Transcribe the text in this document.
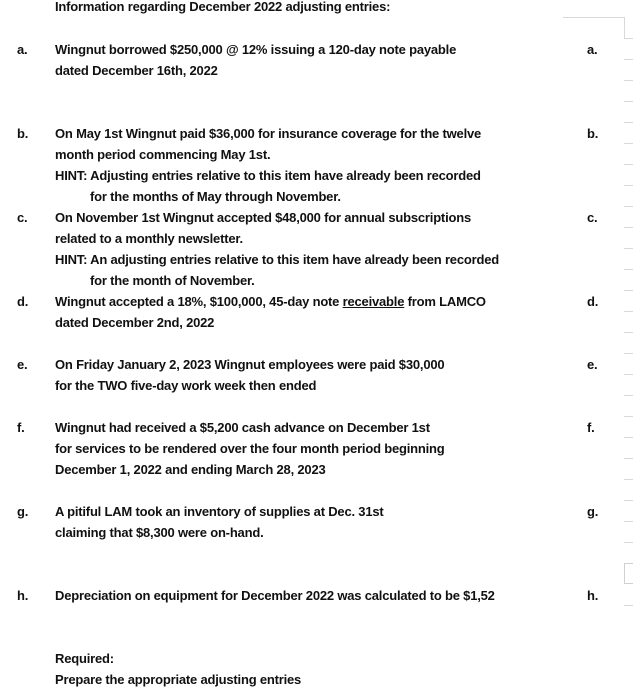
Information regarding December 2022 adjusting entries:
a. Wingnut borrowed $250,000 @ 12% issuing a 120-day note payable
dated December 16th, 2022
a.
b. On May 1st Wingnut paid $36,000 for insurance coverage for the twelve
month period commencing May 1st.
HINT: Adjusting entries relative to this item have already been recorded
for the months of May through November.
b.
c. On November 1st Wingnut accepted $48,000 for annual subscriptions
related to a monthly newsletter.
HINT: An adjusting entries relative to this item have already been recorded
for the month of November.
c.
d. Wingnut accepted a 18%, $100,000, 45-day note receivable from LAMCO
dated December 2nd, 2022
d.
e. On Friday January 2, 2023 Wingnut employees were paid $30,000
for the TWO five-day work week then ended
e.
f. Wingnut had received a $5,200 cash advance on December 1st
for services to be rendered over the four month period beginning
December 1, 2022 and ending March 28, 2023
f.
g. A pitiful LAM took an inventory of supplies at Dec. 31st
claiming that $8,300 were on-hand.
g.
h. Depreciation on equipment for December 2022 was calculated to be $1,52	h.
Required:
Prepare the appropriate adjusting entries
